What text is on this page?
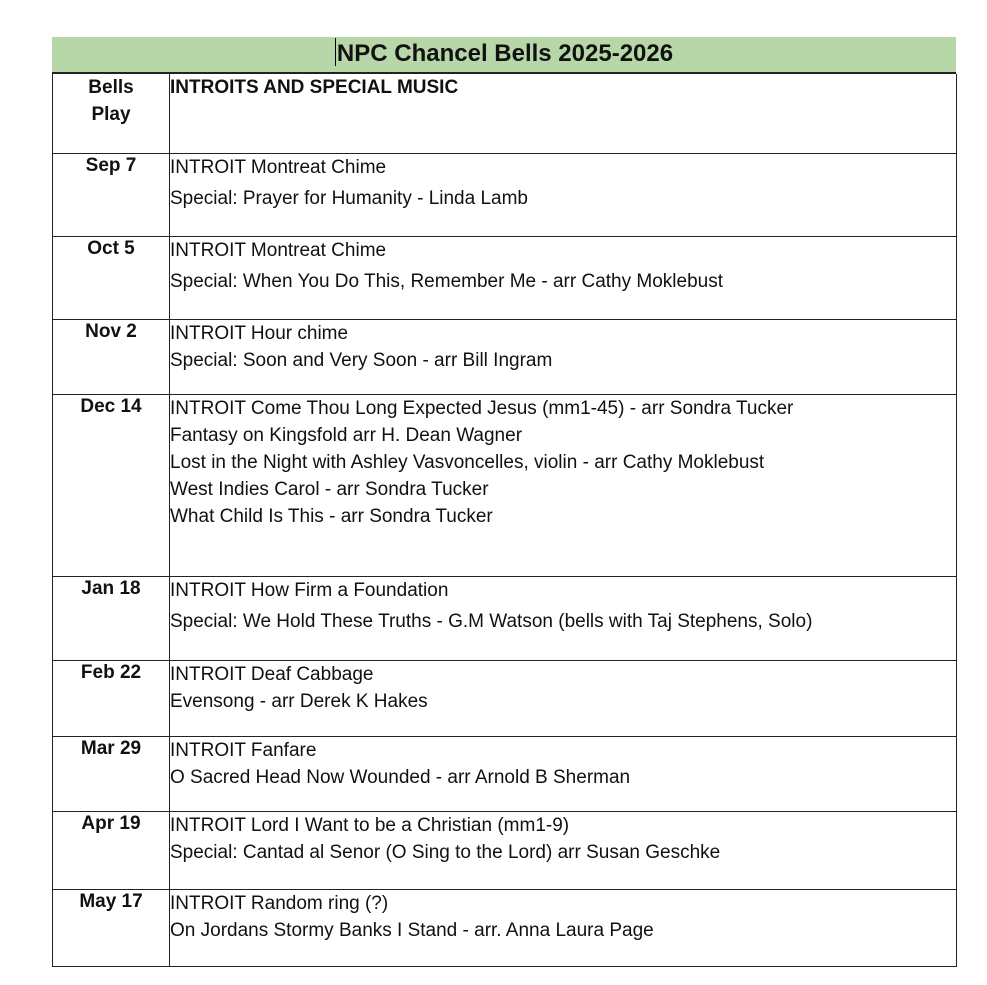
NPC Chancel Bells 2025-2026
Bells Play	INTROITS AND SPECIAL MUSIC
Sep 7	INTROIT Montreat Chime
Special: Prayer for Humanity - Linda Lamb

Oct 5	INTROIT Montreat Chime
Special: When You Do This, Remember Me - arr Cathy Moklebust

Nov 2	INTROIT Hour chime
Special: Soon and Very Soon - arr Bill Ingram

Dec 14	INTROIT Come Thou Long Expected Jesus (mm1-45) - arr Sondra Tucker
Fantasy on Kingsfold arr H. Dean Wagner
Lost in the Night with Ashley Vasvoncelles, violin - arr Cathy Moklebust
West Indies Carol - arr Sondra Tucker
What Child Is This - arr Sondra Tucker

Jan 18	INTROIT How Firm a Foundation
Special: We Hold These Truths - G.M Watson (bells with Taj Stephens, Solo)

Feb 22	INTROIT Deaf Cabbage
Evensong - arr Derek K Hakes

Mar 29	INTROIT Fanfare
O Sacred Head Now Wounded - arr Arnold B Sherman

Apr 19	INTROIT Lord I Want to be a Christian (mm1-9)
Special: Cantad al Senor (O Sing to the Lord) arr Susan Geschke

May 17	INTROIT Random ring (?)
On Jordans Stormy Banks I Stand - arr. Anna Laura Page
